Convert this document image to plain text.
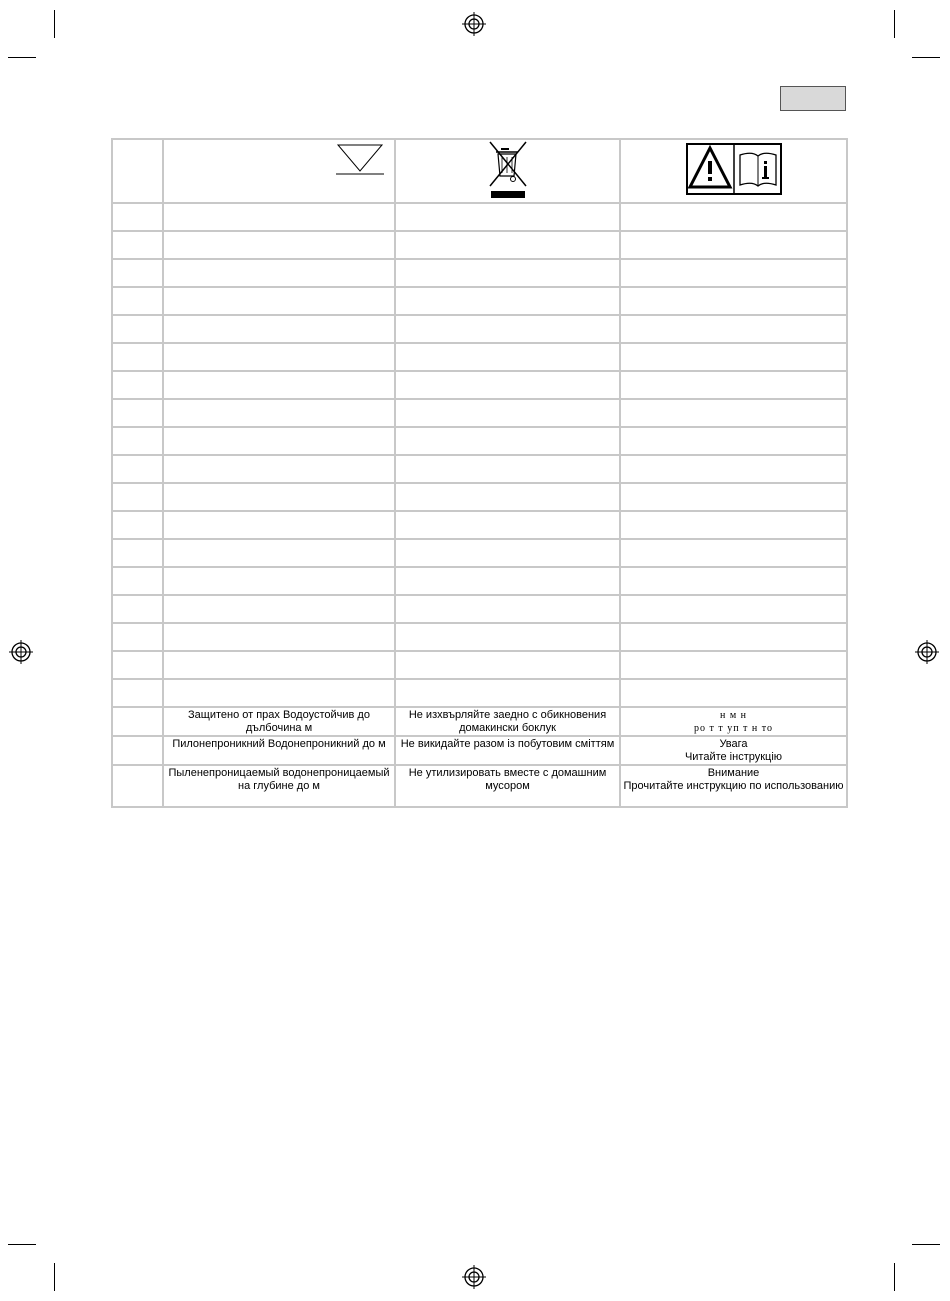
	Защитено от прах Водоустойчив до дълбочина м	Не изхвърляйте заедно с обикновения домакински боклук	н м н
ро т т уп т н то

	Пилонепроникний Водонепроникний до м	Не викидайте разом із побутовим сміттям	Увага
Читайте інструкцію

	Пыленепроницаемый водонепроницаемый на глубине до м	Не утилизировать вместе с домашним мусором	Внимание
Прочитайте инструкцию по использованию
